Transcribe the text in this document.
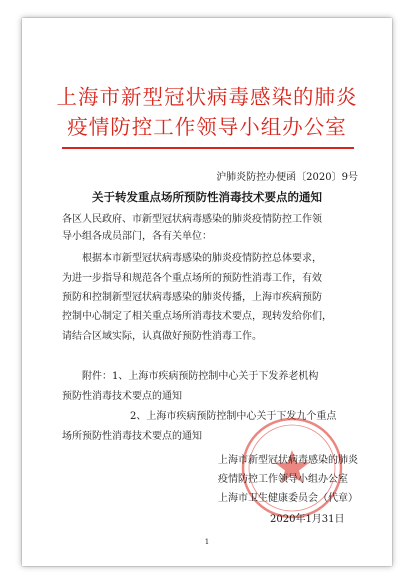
上海市新型冠状病毒感染的肺炎
疫情防控工作领导小组办公室
沪肺炎防控办便函〔2020〕9号
关于转发重点场所预防性消毒技术要点的通知
各区人民政府、市新型冠状病毒感染的肺炎疫情防控工作领
导小组各成员部门，各有关单位：
根据本市新型冠状病毒感染的肺炎疫情防控总体要求，
为进一步指导和规范各个重点场所的预防性消毒工作，有效
预防和控制新型冠状病毒感染的肺炎传播，上海市疾病预防
控制中心制定了相关重点场所消毒技术要点，现转发给你们，
请结合区域实际，认真做好预防性消毒工作。
附件：1、上海市疾病预防控制中心关于下发养老机构
预防性消毒技术要点的通知
2、上海市疾病预防控制中心关于下发九个重点
场所预防性消毒技术要点的通知
上海市新型冠状病毒感染的肺炎
疫情防控工作领导小组办公室
上海市卫生健康委员会（代章）
2020年1月31日
1
